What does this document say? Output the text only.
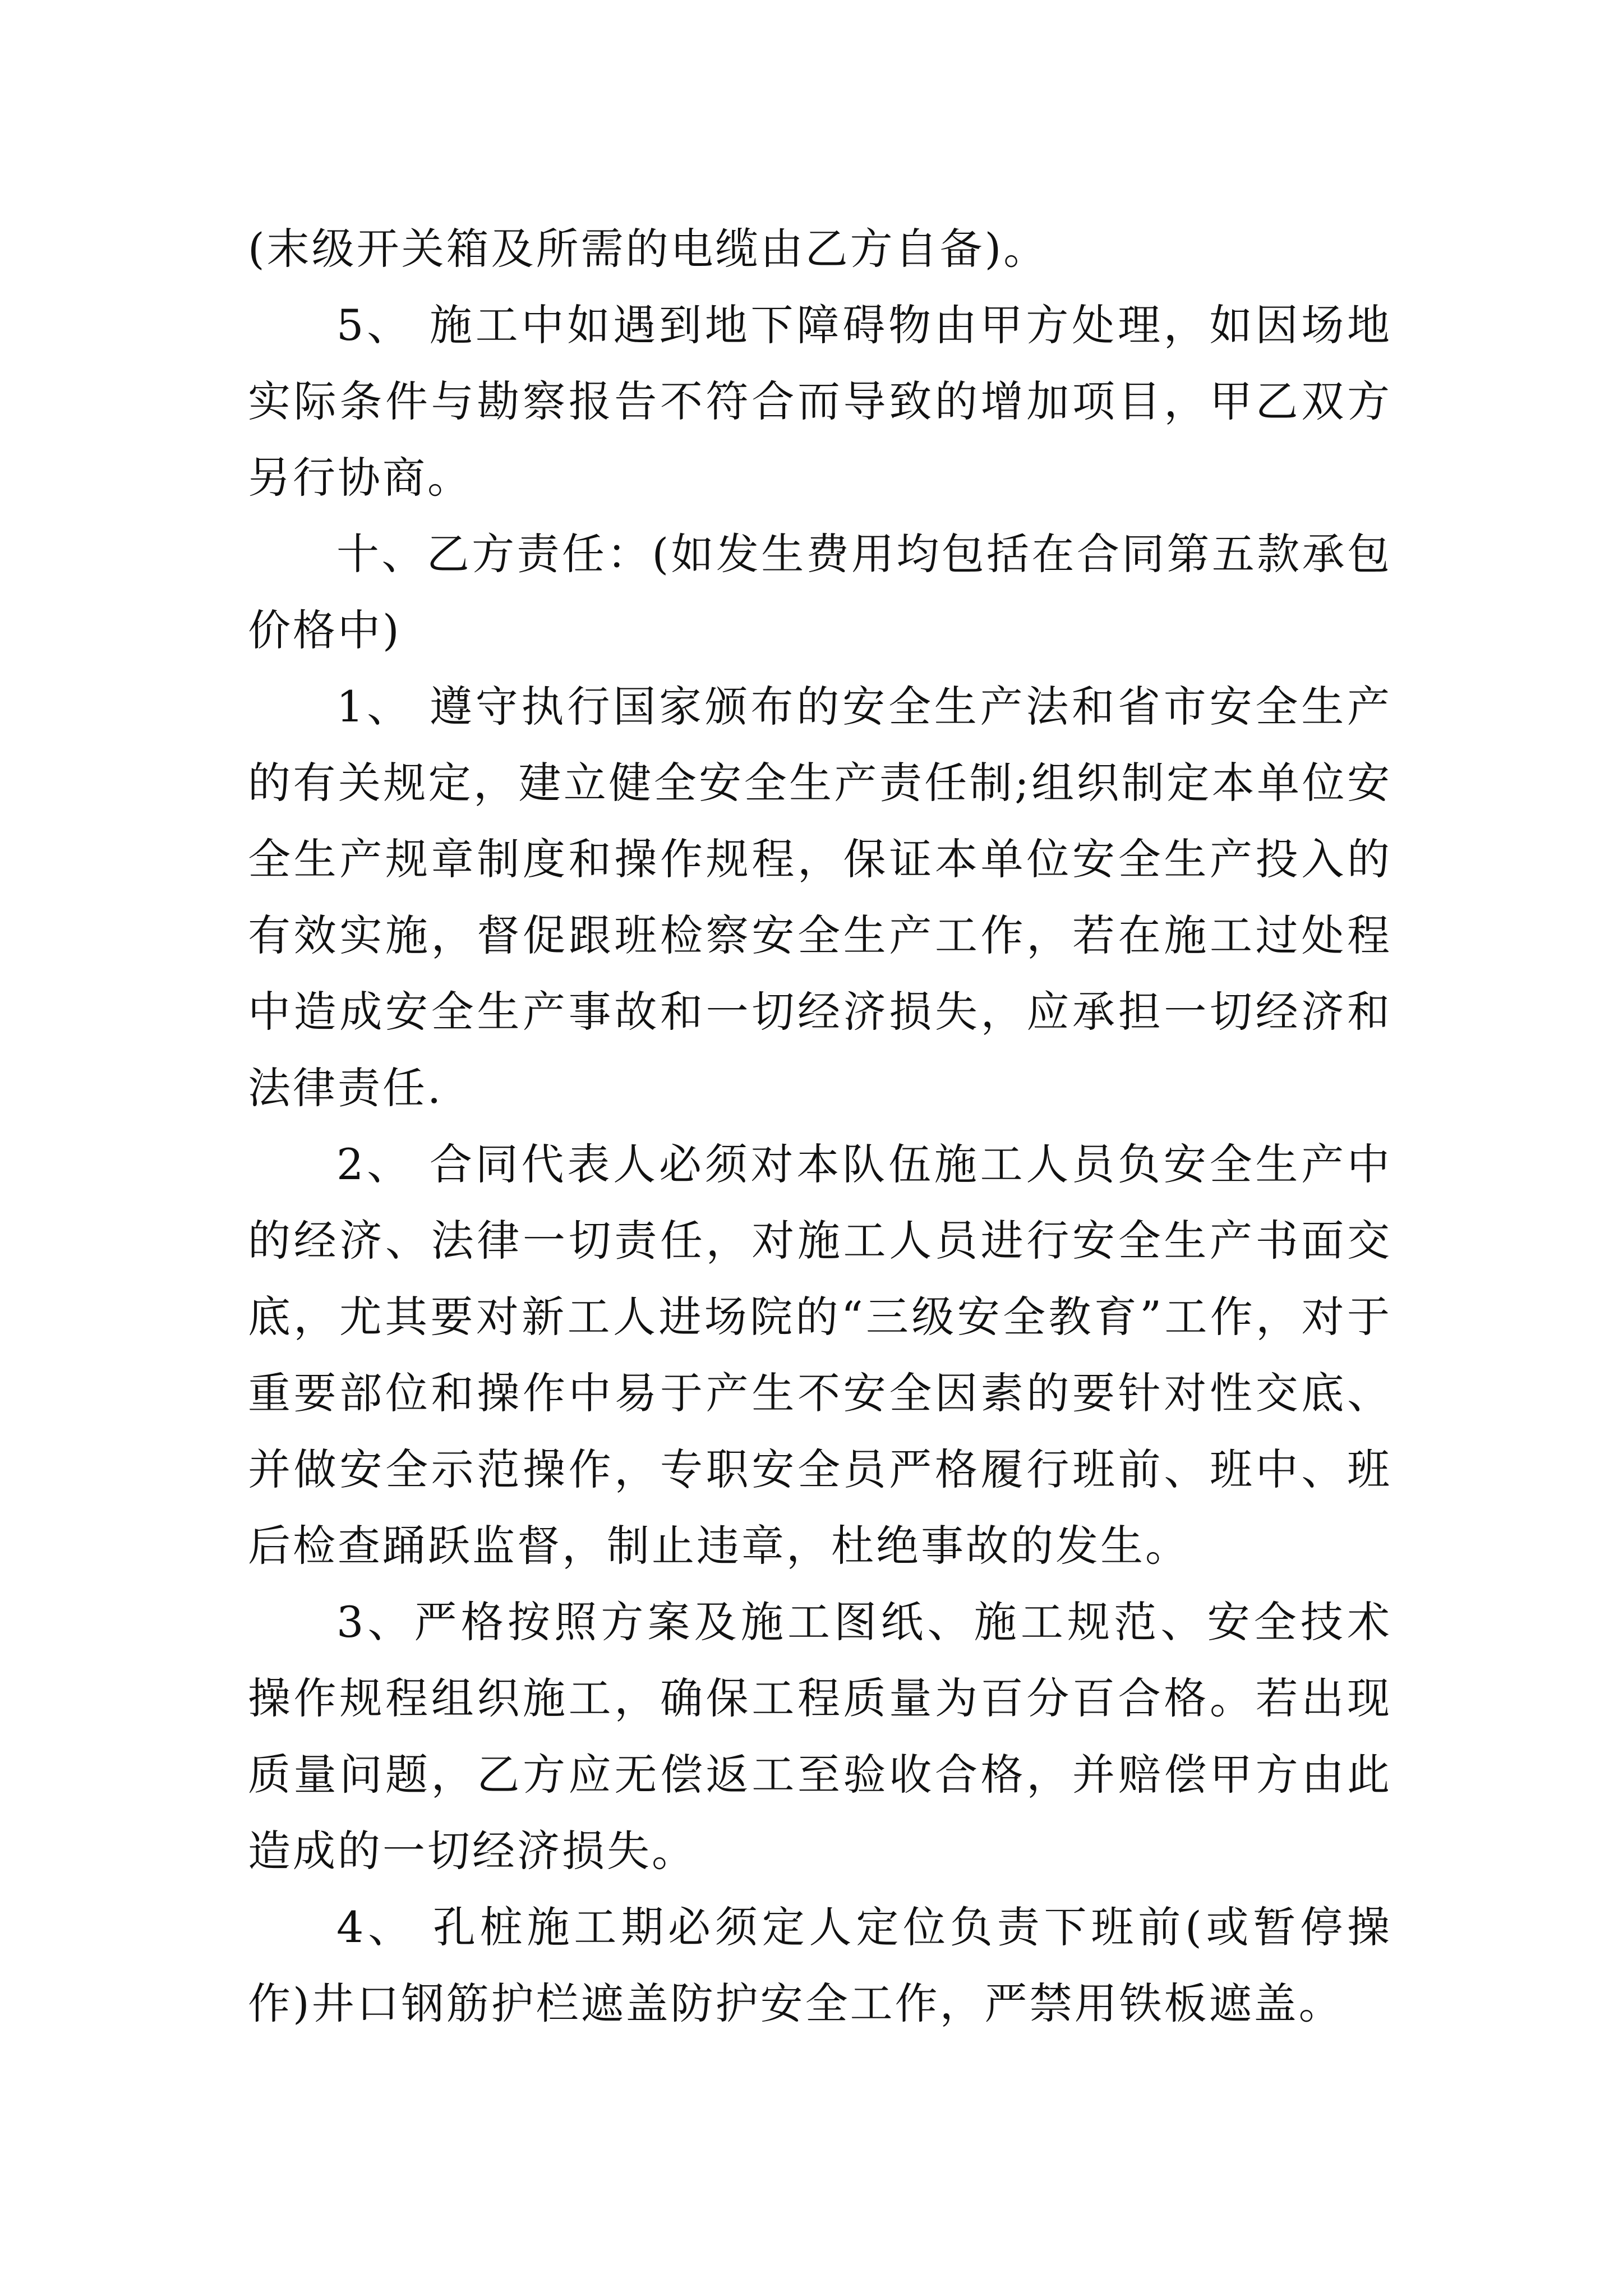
(末级开关箱及所需的电缆由乙方自备)。

5、 施工中如遇到地下障碍物由甲方处理，如因场地实际条件与勘察报告不符合而导致的增加项目，甲乙双方另行协商。

十、乙方责任：(如发生费用均包括在合同第五款承包价格中)

1、 遵守执行国家颁布的安全生产法和省市安全生产的有关规定，建立健全安全生产责任制;组织制定本单位安全生产规章制度和操作规程，保证本单位安全生产投入的有效实施，督促跟班检察安全生产工作，若在施工过处程中造成安全生产事故和一切经济损失，应承担一切经济和法律责任.

2、 合同代表人必须对本队伍施工人员负安全生产中的经济、法律一切责任，对施工人员进行安全生产书面交底，尤其要对新工人进场院的“三级安全教育”工作，对于重要部位和操作中易于产生不安全因素的要针对性交底、并做安全示范操作，专职安全员严格履行班前、班中、班后检查踊跃监督，制止违章，杜绝事故的发生。

3、严格按照方案及施工图纸、施工规范、安全技术操作规程组织施工，确保工程质量为百分百合格。若出现质量问题，乙方应无偿返工至验收合格，并赔偿甲方由此造成的一切经济损失。

4、 孔桩施工期必须定人定位负责下班前(或暂停操作)井口钢筋护栏遮盖防护安全工作，严禁用铁板遮盖。
